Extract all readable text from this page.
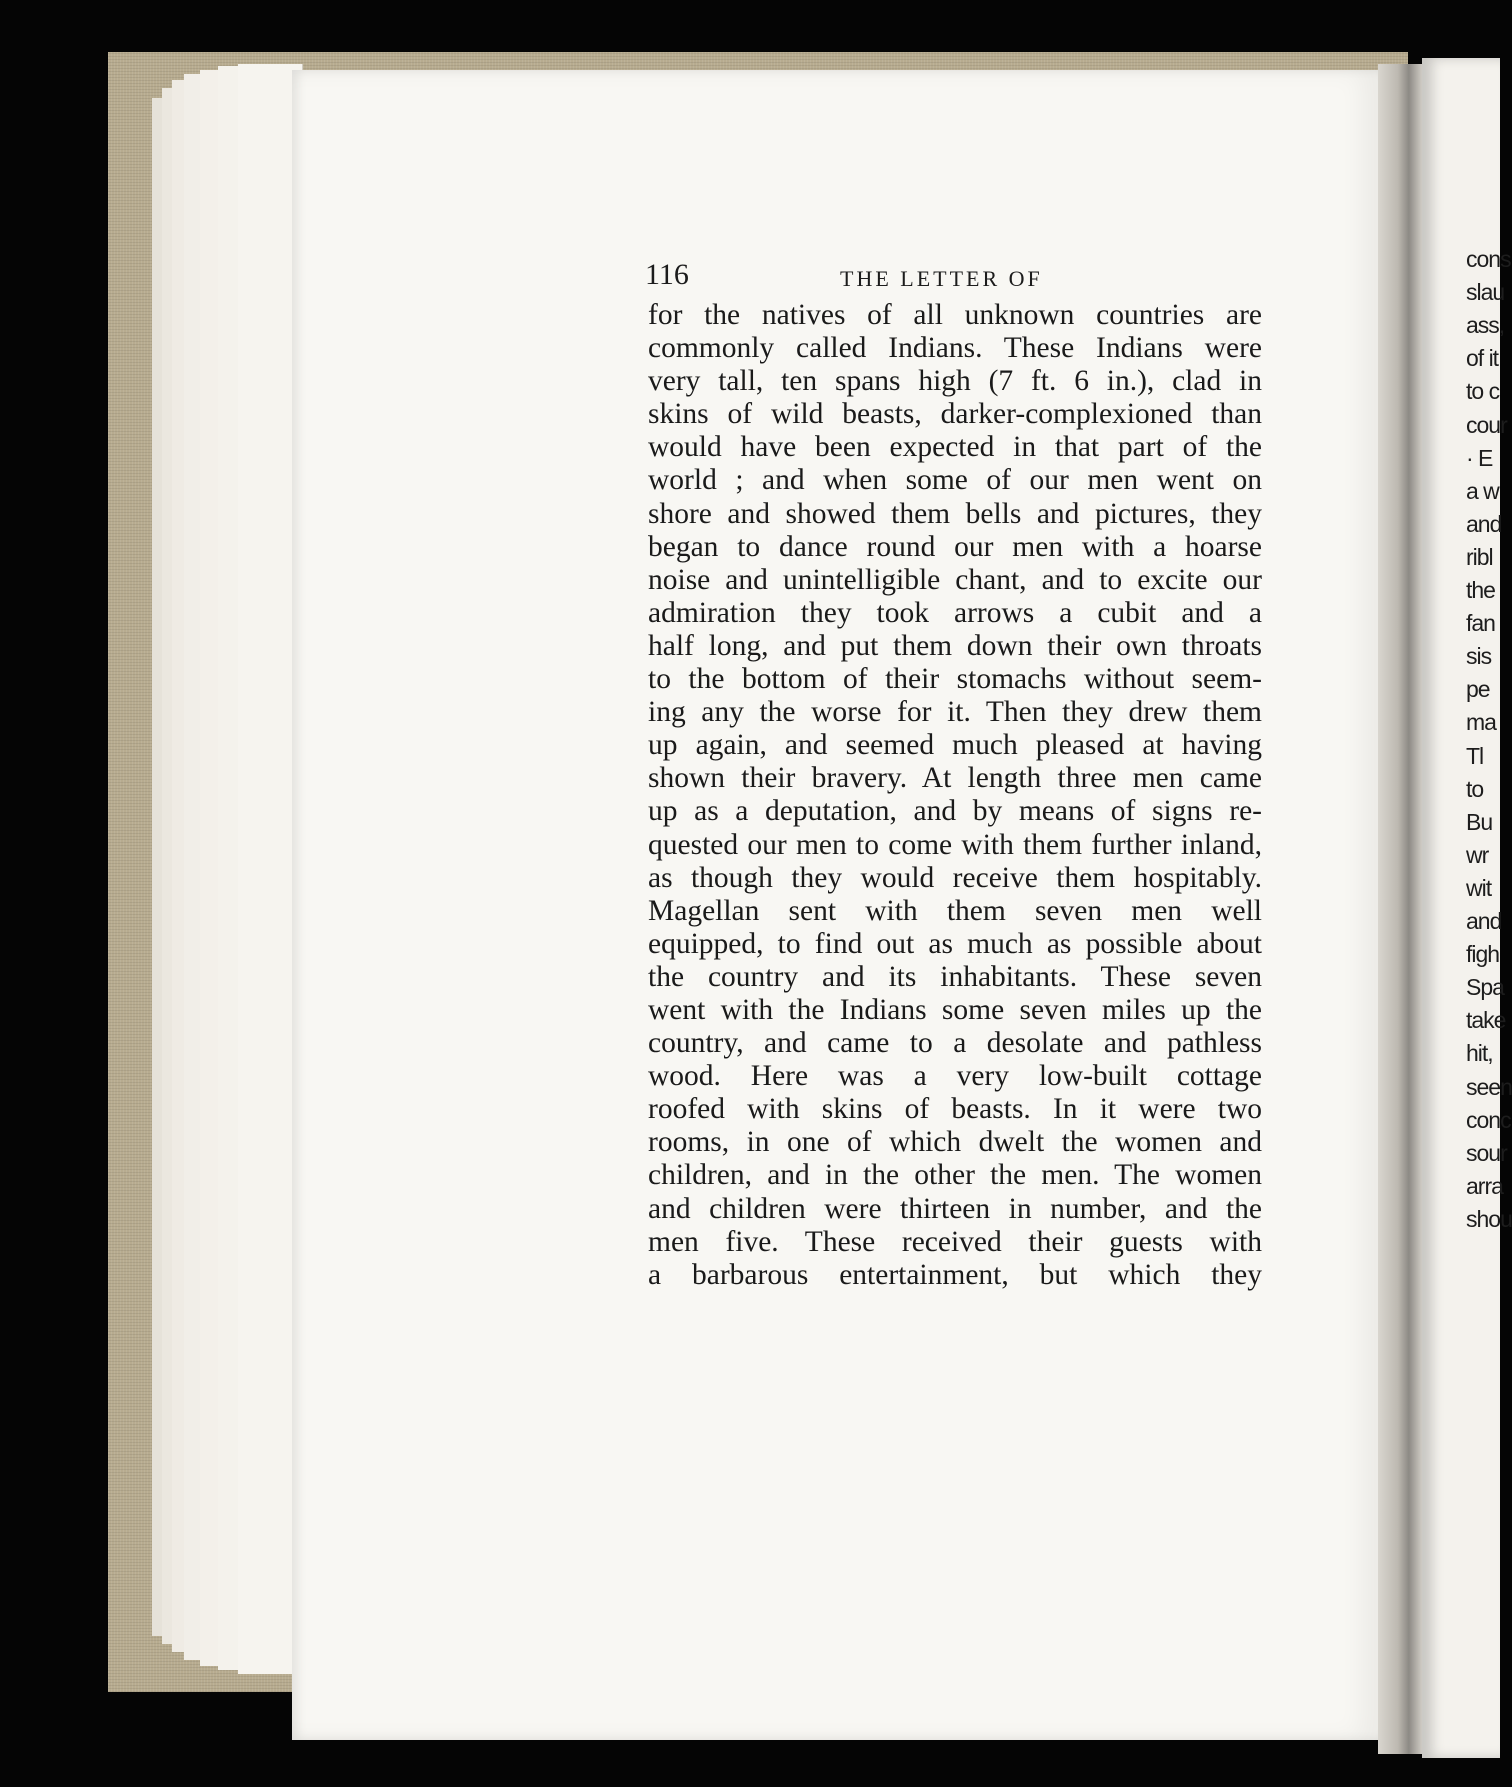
cons
slau
ass,
of it
to c
cour
· E
a w
and
ribl
the
fan
sis
pe
ma
Tl
to
Bu
wr
wit
and
figh
Spa
take
hit,
seen
conc
sour
arra
shou
116	THE LETTER OF
for the natives of all unknown countries are
commonly called Indians. These Indians were
very tall, ten spans high (7 ft. 6 in.), clad in
skins of wild beasts, darker-complexioned than
would have been expected in that part of the
world ; and when some of our men went on
shore and showed them bells and pictures, they
began to dance round our men with a hoarse
noise and unintelligible chant, and to excite our
admiration they took arrows a cubit and a
half long, and put them down their own throats
to the bottom of their stomachs without seem-
ing any the worse for it. Then they drew them
up again, and seemed much pleased at having
shown their bravery. At length three men came
up as a deputation, and by means of signs re-
quested our men to come with them further inland,
as though they would receive them hospitably.
Magellan sent with them seven men well
equipped, to find out as much as possible about
the country and its inhabitants. These seven
went with the Indians some seven miles up the
country, and came to a desolate and pathless
wood. Here was a very low-built cottage
roofed with skins of beasts. In it were two
rooms, in one of which dwelt the women and
children, and in the other the men. The women
and children were thirteen in number, and the
men five. These received their guests with
a barbarous entertainment, but which they
